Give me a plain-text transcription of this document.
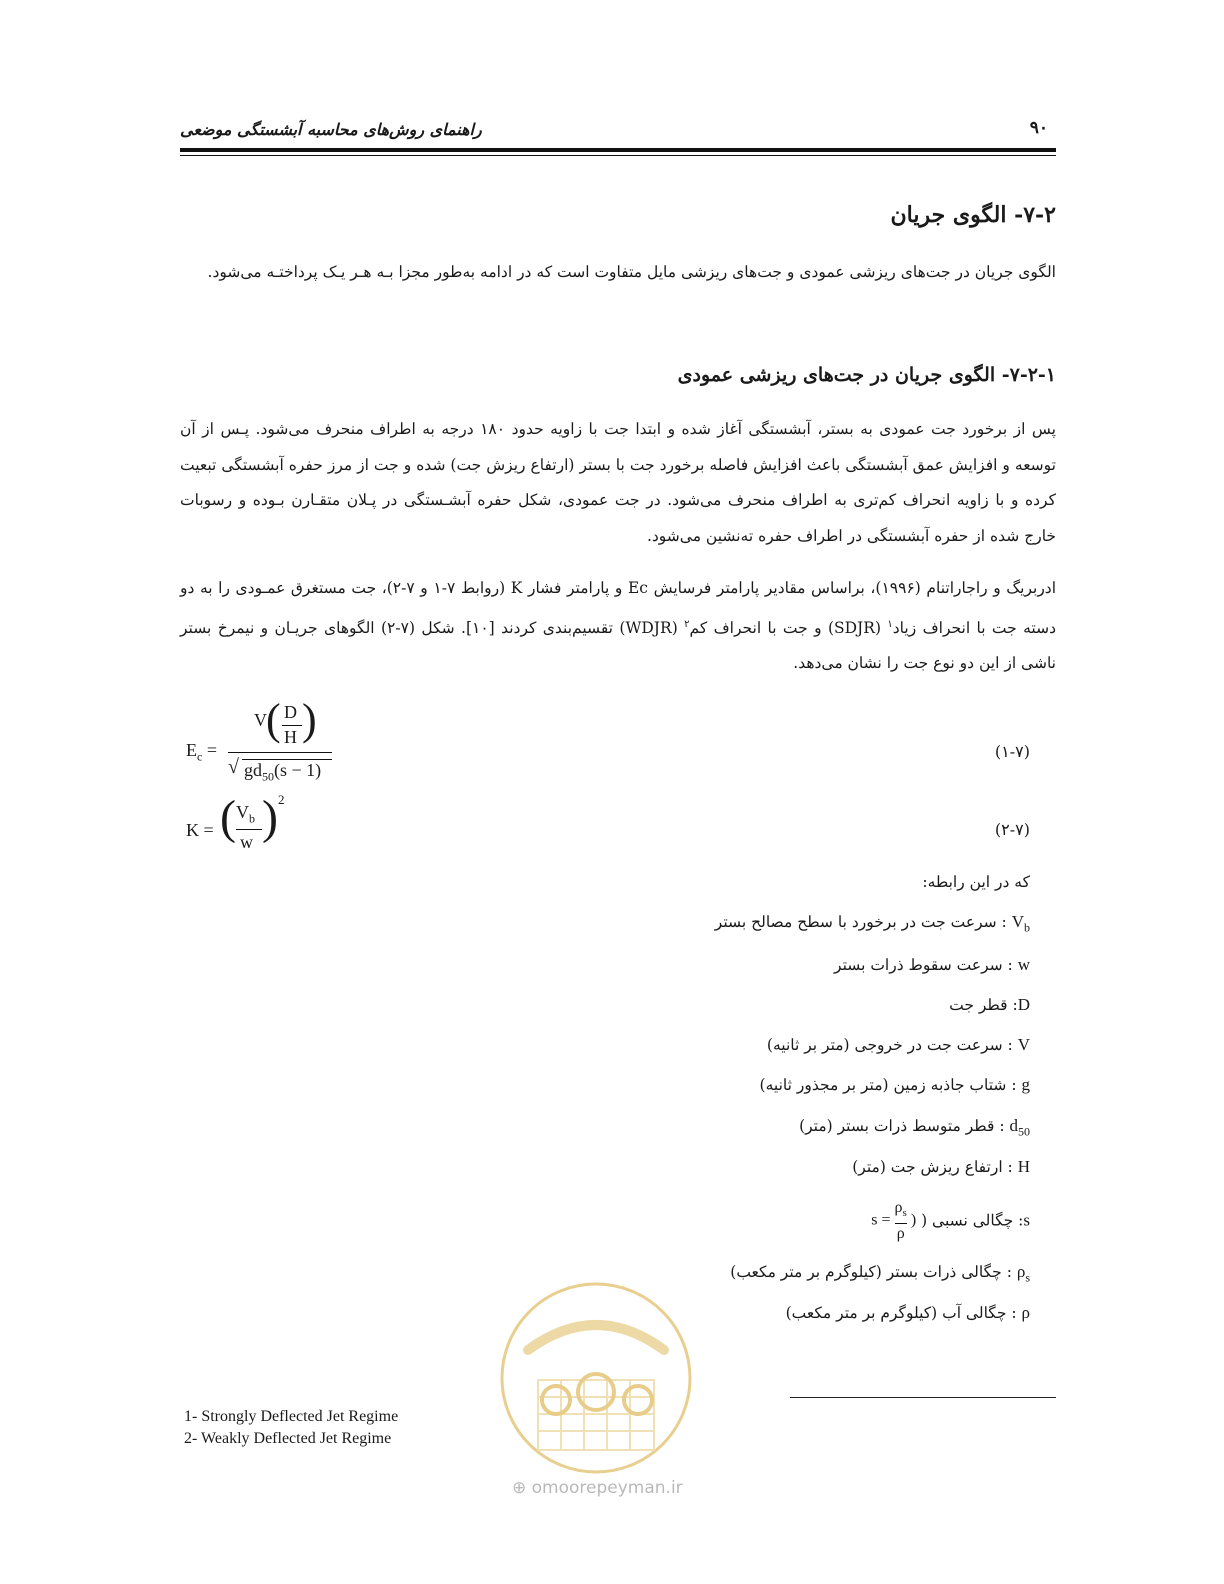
راهنمای روش‌های محاسبه آبشستگی موضعی	۹۰
۷-۲- الگوی جریان
الگوی جریان در جت‌های ریزشی عمودی و جت‌های ریزشی مایل متفاوت است که در ادامه به‌طور مجزا بـه هـر یـک پرداختـه می‌شود.
۷-۲-۱- الگوی جریان در جت‌های ریزشی عمودی
پس از برخورد جت عمودی به بستر، آبشستگی آغاز شده و ابتدا جت با زاویه حدود ۱۸۰ درجه به اطراف منحرف می‌شود. پـس از آن توسعه و افزایش عمق آبشستگی باعث افزایش فاصله برخورد جت با بستر (ارتفاع ریزش جت) شده و جت از مرز حفره آبشستگی تبعیت کرده و با زاویه انحراف کم‌تری به اطراف منحرف می‌شود. در جت عمودی، شکل حفره آبشـستگی در پـلان متقـارن بـوده و رسوبات خارج شده از حفره آبشستگی در اطراف حفره ته‌نشین می‌شود.
ادربریگ و راجاراتنام (۱۹۹۶)، براساس مقادیر پارامتر فرسایش Ec و پارامتر فشار K (روابط ۷-۱ و ۷-۲)، جت مستغرق عمـودی را به دو دسته جت با انحراف زیاد$^۱$ (SDJR) و جت با انحراف کم$^۲$ (WDJR) تقسیم‌بندی کردند [۱۰]. شکل (۷-۲) الگوهای جریـان و نیمرخ بستر ناشی از این دو نوع جت را نشان می‌دهد.
$E_c$ =
V ( D
H )
√ $gd_{50}(s - 1)$
(۱-۷)
K = ( $V_b$
w ) 2
(۲-۷)
که در این رابطه:
$V_b$ : سرعت جت در برخورد با سطح مصالح بستر
w : سرعت سقوط ذرات بستر
D: قطر جت
V : سرعت جت در خروجی (متر بر ثانیه)
g : شتاب جاذبه زمین (متر بر مجذور ثانیه)
$d_{50}$ : قطر متوسط ذرات بستر (متر)
H : ارتفاع ریزش جت (متر)
s: چگالی نسبی ( $s = \frac{\rho_s}{\rho}$ )
$\rho_s$ : چگالی ذرات بستر (کیلوگرم بر متر مکعب)
ρ : چگالی آب (کیلوگرم بر متر مکعب)
⊕ omoorepeyman.ir
1- Strongly Deflected Jet Regime
2- Weakly Deflected Jet Regime
